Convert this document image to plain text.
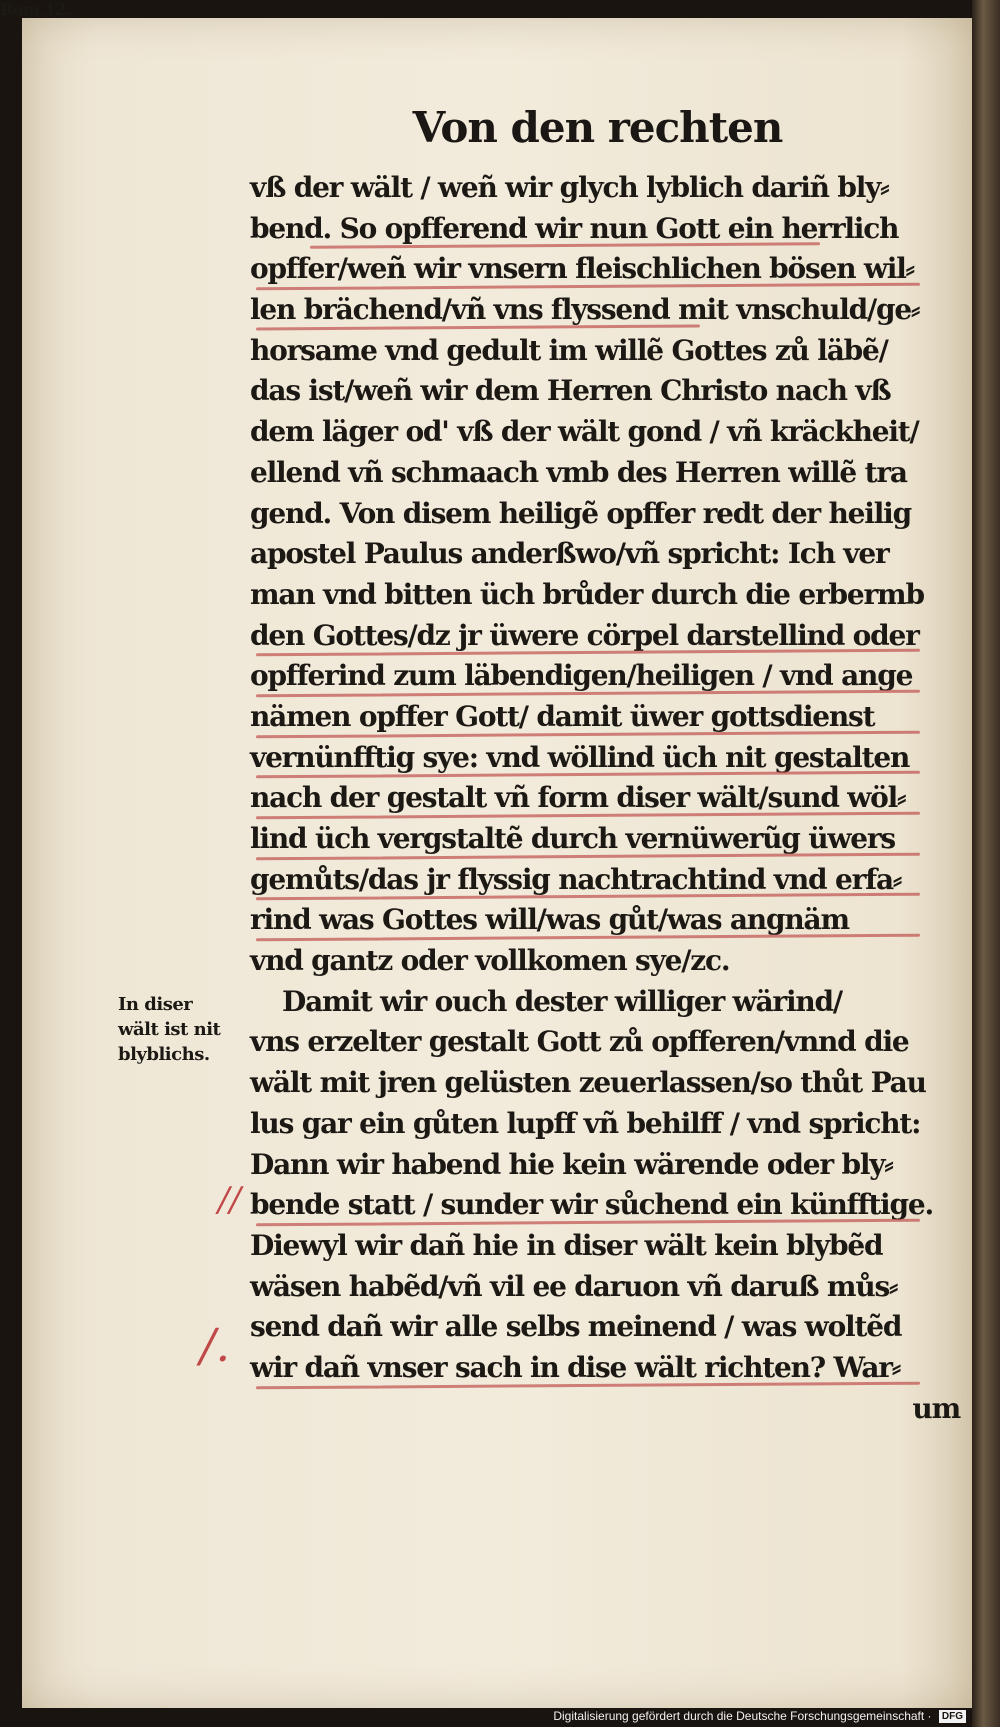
Von den rechten
Rom.12.
In diser
wält ist nit
blyblichs.
//
/.
vß der wält / weñ wir glych lyblich dariñ bly⸗
bend. So opfferend wir nun Gott ein herrlich
opffer/weñ wir vnsern fleischlichen bösen wil⸗
len brächend/vñ vns flyssend mit vnschuld/ge⸗
horsame vnd gedult im willẽ Gottes zů läbẽ/
das ist/weñ wir dem Herren Christo nach vß
dem läger od' vß der wält gond / vñ kräckheit/
ellend vñ schmaach vmb des Herren willẽ tra
gend. Von disem heiligẽ opffer redt der heilig
apostel Paulus anderßwo/vñ spricht: Ich ver
man vnd bitten üch brůder durch die erbermb
den Gottes/dz jr üwere cörpel darstellind oder
opfferind zum läbendigen/heiligen / vnd ange
nämen opffer Gott/ damit üwer gottsdienst
vernünfftig sye: vnd wöllind üch nit gestalten
nach der gestalt vñ form diser wält/sund wöl⸗
lind üch vergstaltẽ durch vernüwerũg üwers
gemůts/das jr flyssig nachtrachtind vnd erfa⸗
rind was Gottes will/was gůt/was angnäm
vnd gantz oder vollkomen sye/zc.
Damit wir ouch dester williger wärind/
vns erzelter gestalt Gott zů opfferen/vnnd die
wält mit jren gelüsten zeuerlassen/so thůt Pau
lus gar ein gůten lupff vñ behilff / vnd spricht:
Dann wir habend hie kein wärende oder bly⸗
bende statt / sunder wir sůchend ein künfftige.
Diewyl wir dañ hie in diser wält kein blybẽd
wäsen habẽd/vñ vil ee daruon vñ daruß můs⸗
send dañ wir alle selbs meinend / was woltẽd
wir dañ vnser sach in dise wält richten? War⸗
um
Digitalisierung gefördert durch die Deutsche Forschungsgemeinschaft · DFG
